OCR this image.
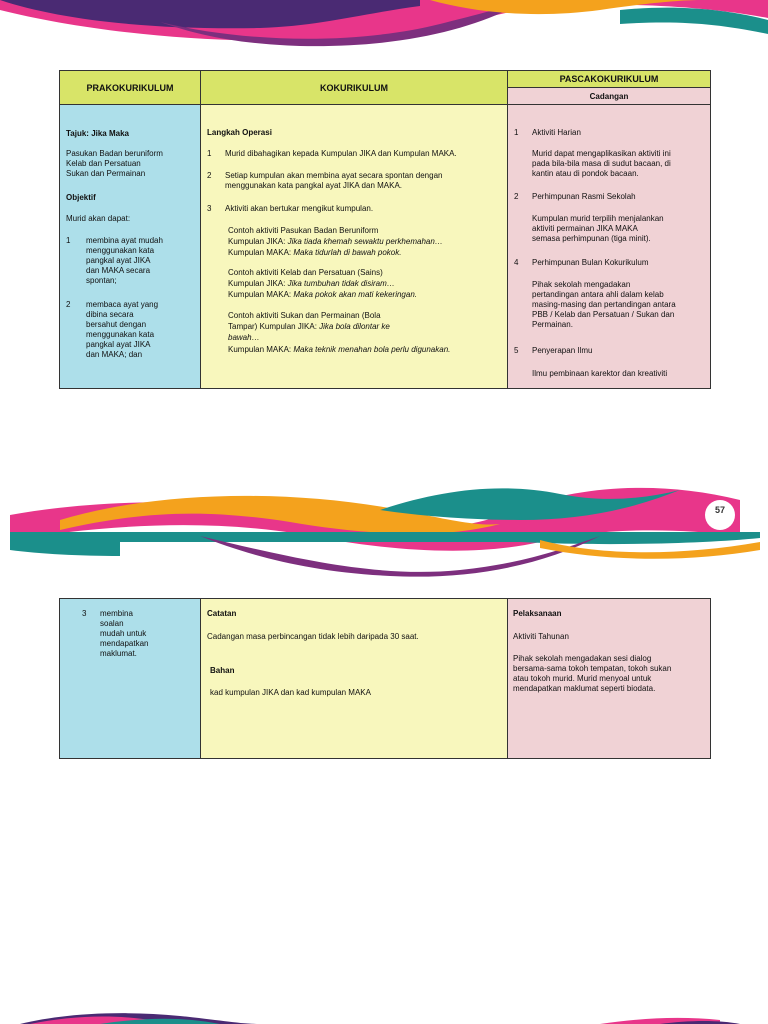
PRAKOKURIKULUM	KOKURIKULUM
PASCAKOKURIKULUM
Cadangan
Tajuk: Jika Maka
Pasukan Badan beruniform
Kelab dan Persatuan
Sukan dan Permainan
Objektif
Murid akan dapat:
1 membina ayat mudah
menggunakan kata
pangkal ayat JIKA
dan MAKA secara
spontan;
2 membaca ayat yang
dibina secara
bersahut dengan
menggunakan kata
pangkal ayat JIKA
dan MAKA; dan
Langkah Operasi
1 Murid dibahagikan kepada Kumpulan JIKA dan Kumpulan MAKA.
2 Setiap kumpulan akan membina ayat secara spontan dengan
menggunakan kata pangkal ayat JIKA dan MAKA.
3 Aktiviti akan bertukar mengikut kumpulan.
Contoh aktiviti Pasukan Badan Beruniform
Kumpulan JIKA: Jika tiada khemah sewaktu perkhemahan…
Kumpulan MAKA: Maka tidurlah di bawah pokok.
Contoh aktiviti Kelab dan Persatuan (Sains)
Kumpulan JIKA: Jika tumbuhan tidak disiram…
Kumpulan MAKA: Maka pokok akan mati kekeringan.
Contoh aktiviti Sukan dan Permainan (Bola
Tampar) Kumpulan JIKA: Jika bola dilontar ke
bawah…
Kumpulan MAKA: Maka teknik menahan bola perlu digunakan.
1 Aktiviti Harian
Murid dapat mengaplikasikan aktiviti ini
pada bila-bila masa di sudut bacaan, di
kantin atau di pondok bacaan.
2 Perhimpunan Rasmi Sekolah
Kumpulan murid terpilih menjalankan
aktiviti permainan JIKA MAKA
semasa perhimpunan (tiga minit).
4 Perhimpunan Bulan Kokurikulum
Pihak sekolah mengadakan
pertandingan antara ahli dalam kelab
masing-masing dan pertandingan antara
PBB / Kelab dan Persatuan / Sukan dan
Permainan.
5 Penyerapan Ilmu
Ilmu pembinaan karektor dan kreativiti
57
3 membina
soalan
mudah untuk
mendapatkan
maklumat.
Catatan
Cadangan masa perbincangan tidak lebih daripada 30 saat.
Bahan
kad kumpulan JIKA dan kad kumpulan MAKA
Pelaksanaan
Aktiviti Tahunan
Pihak sekolah mengadakan sesi dialog
bersama-sama tokoh tempatan, tokoh sukan
atau tokoh murid. Murid menyoal untuk
mendapatkan maklumat seperti biodata.
